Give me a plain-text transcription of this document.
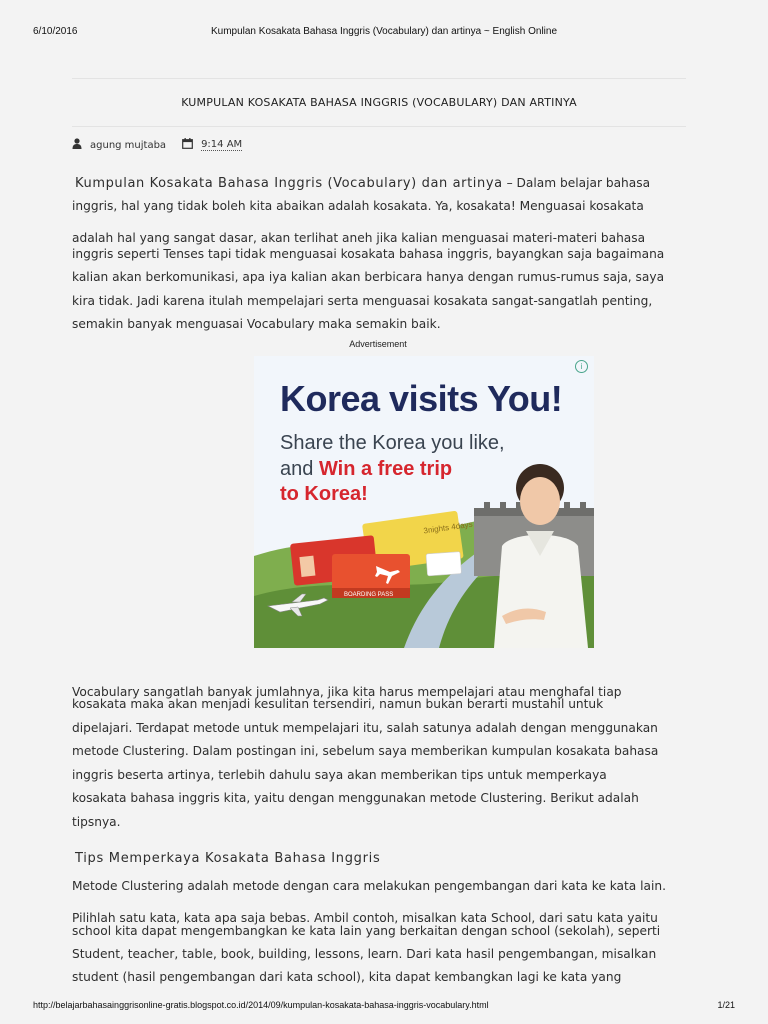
6/10/2016	Kumpulan Kosakata Bahasa Inggris (Vocabulary) dan artinya ~ English Online
KUMPULAN KOSAKATA BAHASA INGGRIS (VOCABULARY) DAN ARTINYA
agung mujtaba	9:14 AM

Kumpulan Kosakata Bahasa Inggris (Vocabulary) dan artinya – Dalam belajar bahasa

inggris, hal yang tidak boleh kita abaikan adalah kosakata. Ya, kosakata! Menguasai kosakata

adalah hal yang sangat dasar, akan terlihat aneh jika kalian menguasai materi-materi bahasa

inggris seperti Tenses tapi tidak menguasai kosakata bahasa inggris, bayangkan saja bagaimana

kalian akan berkomunikasi, apa iya kalian akan berbicara hanya dengan rumus-rumus saja, saya

kira tidak. Jadi karena itulah mempelajari serta menguasai kosakata sangat-sangatlah penting,

semakin banyak menguasai Vocabulary maka semakin baik.

Advertisement
3nights 4days
BOARDING PASS
i
Korea visits You!
Share the Korea you like,
and Win a free trip
to Korea!

Vocabulary sangatlah banyak jumlahnya, jika kita harus mempelajari atau menghafal tiap

kosakata maka akan menjadi kesulitan tersendiri, namun bukan berarti mustahil untuk

dipelajari. Terdapat metode untuk mempelajari itu, salah satunya adalah dengan menggunakan

metode Clustering. Dalam postingan ini, sebelum saya memberikan kumpulan kosakata bahasa

inggris beserta artinya, terlebih dahulu saya akan memberikan tips untuk memperkaya

kosakata bahasa inggris kita, yaitu dengan menggunakan metode Clustering. Berikut adalah

tipsnya.

Tips Memperkaya Kosakata Bahasa Inggris

Metode Clustering adalah metode dengan cara melakukan pengembangan dari kata ke kata lain.

Pilihlah satu kata, kata apa saja bebas. Ambil contoh, misalkan kata School, dari satu kata yaitu

school kita dapat mengembangkan ke kata lain yang berkaitan dengan school (sekolah), seperti

Student, teacher, table, book, building, lessons, learn. Dari kata hasil pengembangan, misalkan

student (hasil pengembangan dari kata school), kita dapat kembangkan lagi ke kata yang

http://belajarbahasainggrisonline-gratis.blogspot.co.id/2014/09/kumpulan-kosakata-bahasa-inggris-vocabulary.html	1/21
